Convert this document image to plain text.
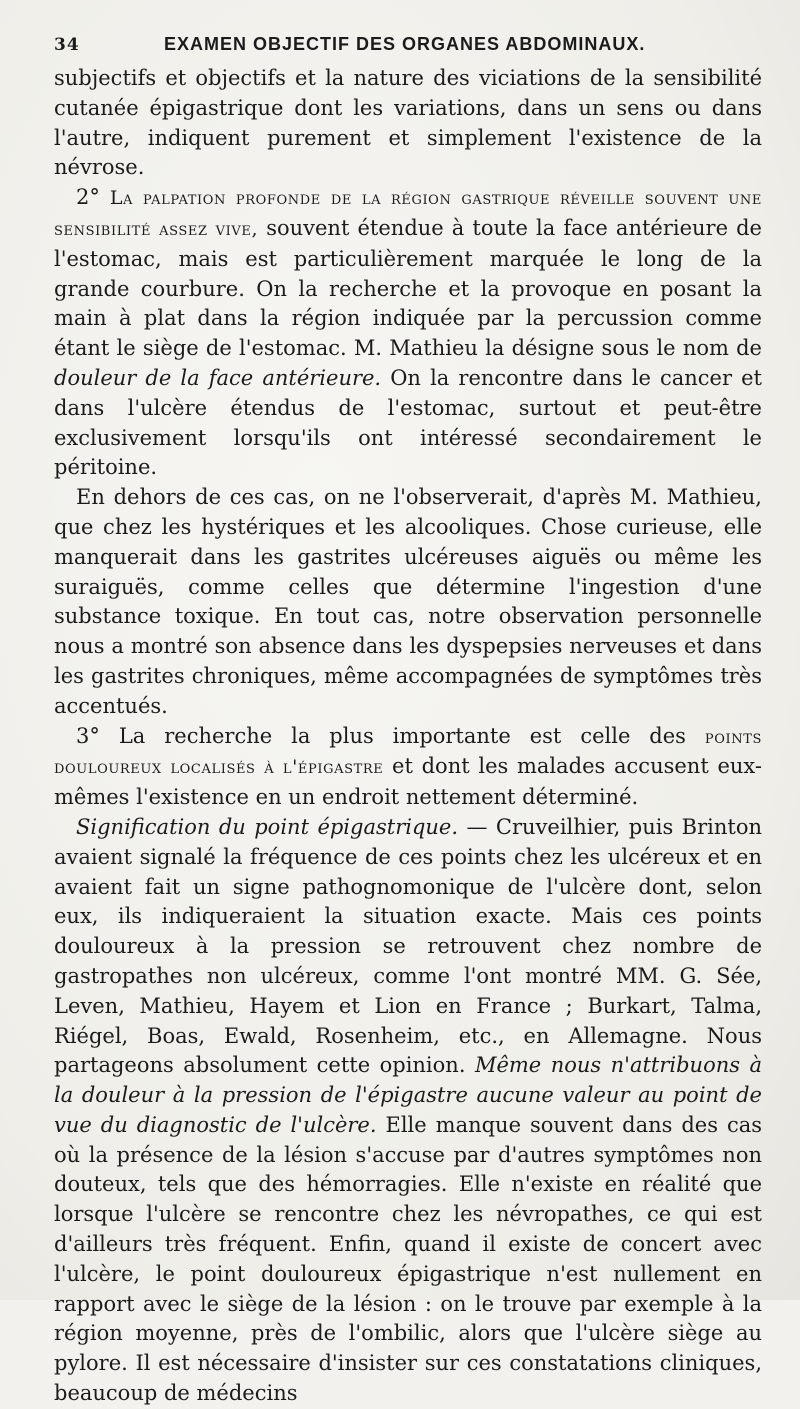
34	EXAMEN OBJECTIF DES ORGANES ABDOMINAUX.

subjectifs et objectifs et la nature des viciations de la sensibilité cutanée épigastrique dont les variations, dans un sens ou dans l'autre, indiquent purement et simplement l'existence de la névrose.

2° La palpation profonde de la région gastrique réveille souvent une sensibilité assez vive, souvent étendue à toute la face antérieure de l'estomac, mais est particulièrement marquée le long de la grande courbure. On la recherche et la provoque en posant la main à plat dans la région indiquée par la percussion comme étant le siège de l'estomac. M. Mathieu la désigne sous le nom de douleur de la face antérieure. On la rencontre dans le cancer et dans l'ulcère étendus de l'estomac, surtout et peut-être exclusivement lorsqu'ils ont intéressé secondairement le péritoine.

En dehors de ces cas, on ne l'observerait, d'après M. Mathieu, que chez les hystériques et les alcooliques. Chose curieuse, elle manquerait dans les gastrites ulcéreuses aiguës ou même les suraiguës, comme celles que détermine l'ingestion d'une substance toxique. En tout cas, notre observation personnelle nous a montré son absence dans les dyspepsies nerveuses et dans les gastrites chroniques, même accompagnées de symptômes très accentués.

3° La recherche la plus importante est celle des points douloureux localisés à l'épigastre et dont les malades accusent eux-mêmes l'existence en un endroit nettement déterminé.

Signification du point épigastrique. — Cruveilhier, puis Brinton avaient signalé la fréquence de ces points chez les ulcéreux et en avaient fait un signe pathognomonique de l'ulcère dont, selon eux, ils indiqueraient la situation exacte. Mais ces points douloureux à la pression se retrouvent chez nombre de gastropathes non ulcéreux, comme l'ont montré MM. G. Sée, Leven, Mathieu, Hayem et Lion en France ; Burkart, Talma, Riégel, Boas, Ewald, Rosenheim, etc., en Allemagne. Nous partageons absolument cette opinion. Même nous n'attribuons à la douleur à la pression de l'épigastre aucune valeur au point de vue du diagnostic de l'ulcère. Elle manque souvent dans des cas où la présence de la lésion s'accuse par d'autres symptômes non douteux, tels que des hémorragies. Elle n'existe en réalité que lorsque l'ulcère se rencontre chez les névropathes, ce qui est d'ailleurs très fréquent. Enfin, quand il existe de concert avec l'ulcère, le point douloureux épigastrique n'est nullement en rapport avec le siège de la lésion : on le trouve par exemple à la région moyenne, près de l'ombilic, alors que l'ulcère siège au pylore. Il est nécessaire d'insister sur ces constatations cliniques, beaucoup de médecins
